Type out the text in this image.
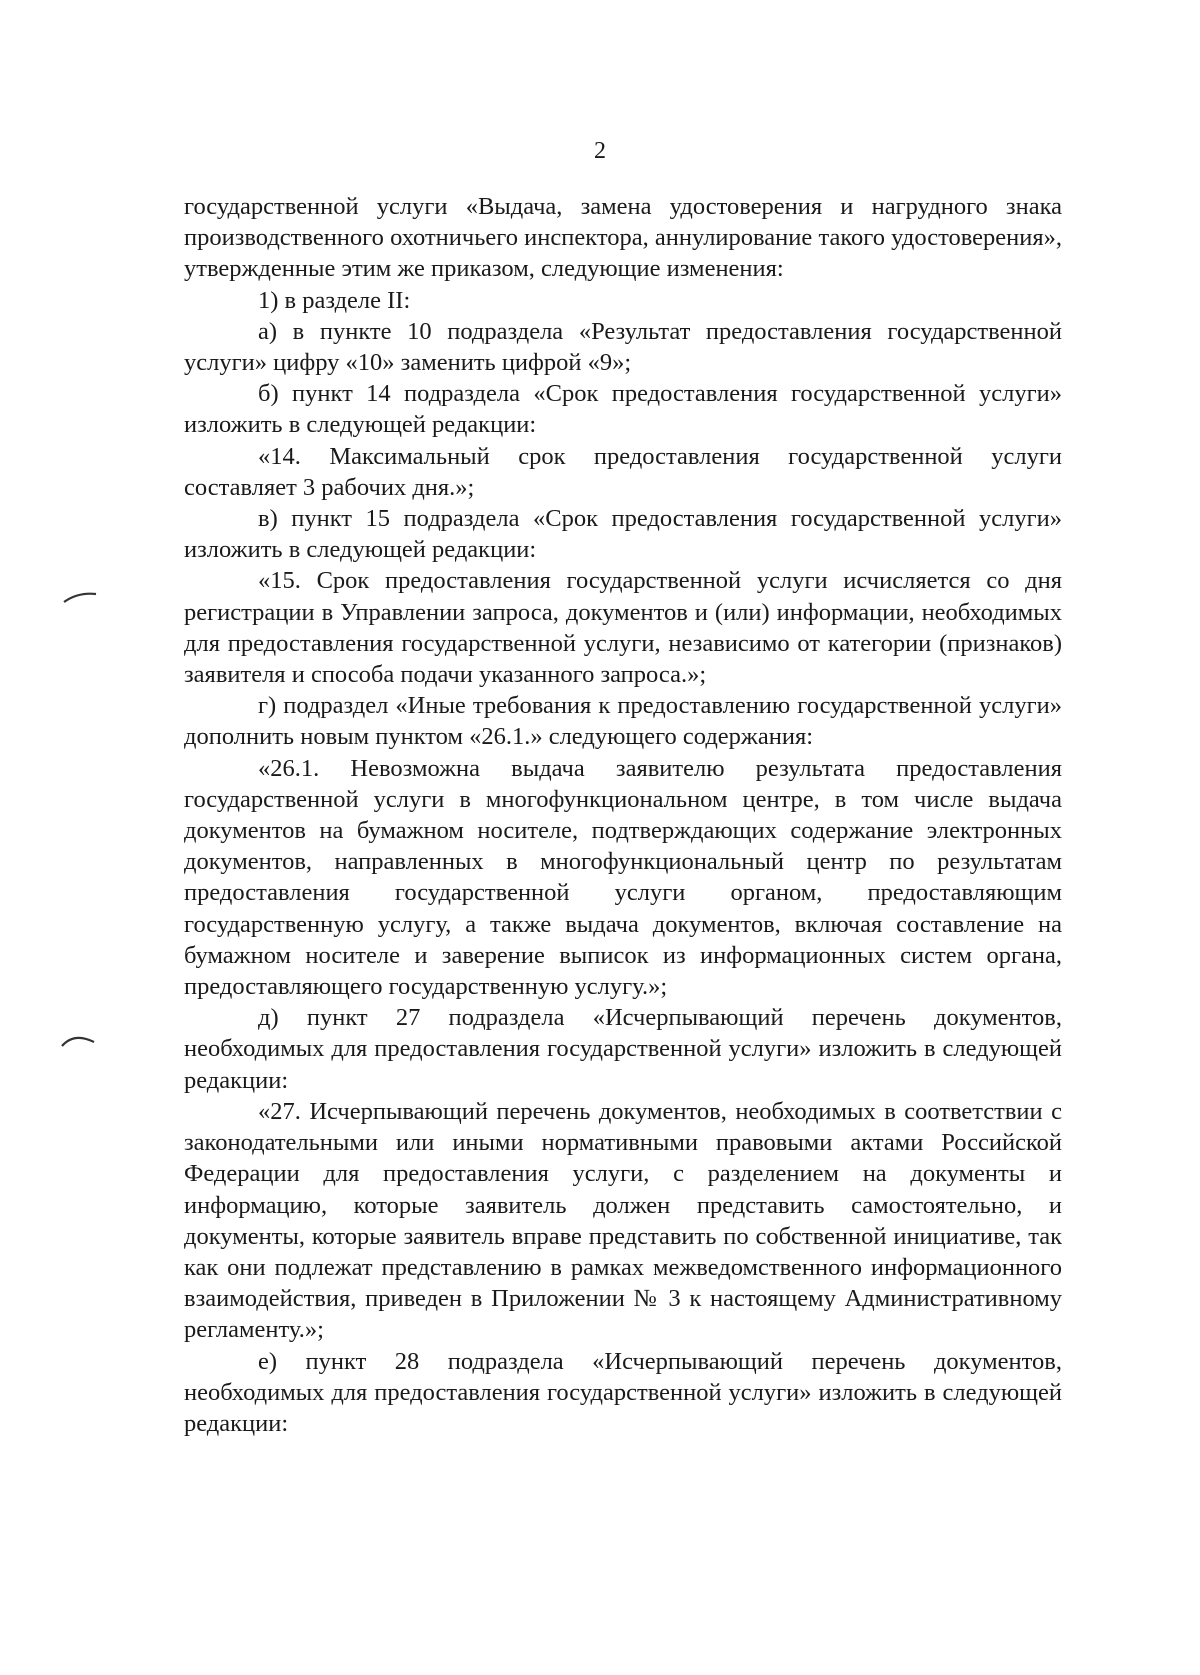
2

государственной услуги «Выдача, замена удостоверения и нагрудного знака производственного охотничьего инспектора, аннулирование такого удостоверения», утвержденные этим же приказом, следующие изменения:

1) в разделе II:

а) в пункте 10 подраздела «Результат предоставления государственной услуги» цифру «10» заменить цифрой «9»;

б) пункт 14 подраздела «Срок предоставления государственной услуги» изложить в следующей редакции:

«14. Максимальный срок предоставления государственной услуги составляет 3 рабочих дня.»;

в) пункт 15 подраздела «Срок предоставления государственной услуги» изложить в следующей редакции:

«15. Срок предоставления государственной услуги исчисляется со дня регистрации в Управлении запроса, документов и (или) информации, необходимых для предоставления государственной услуги, независимо от категории (признаков) заявителя и способа подачи указанного запроса.»;

г) подраздел «Иные требования к предоставлению государственной услуги» дополнить новым пунктом «26.1.» следующего содержания:

«26.1. Невозможна выдача заявителю результата предоставления государственной услуги в многофункциональном центре, в том числе выдача документов на бумажном носителе, подтверждающих содержание электронных документов, направленных в многофункциональный центр по результатам предоставления государственной услуги органом, предоставляющим государственную услугу, а также выдача документов, включая составление на бумажном носителе и заверение выписок из информационных систем органа, предоставляющего государственную услугу.»;

д) пункт 27 подраздела «Исчерпывающий перечень документов, необходимых для предоставления государственной услуги» изложить в следующей редакции:

«27. Исчерпывающий перечень документов, необходимых в соответствии с законодательными или иными нормативными правовыми актами Российской Федерации для предоставления услуги, с разделением на документы и информацию, которые заявитель должен представить самостоятельно, и документы, которые заявитель вправе представить по собственной инициативе, так как они подлежат представлению в рамках межведомственного информационного взаимодействия, приведен в Приложении № 3 к настоящему Административному регламенту.»;

е) пункт 28 подраздела «Исчерпывающий перечень документов, необходимых для предоставления государственной услуги» изложить в следующей редакции:
